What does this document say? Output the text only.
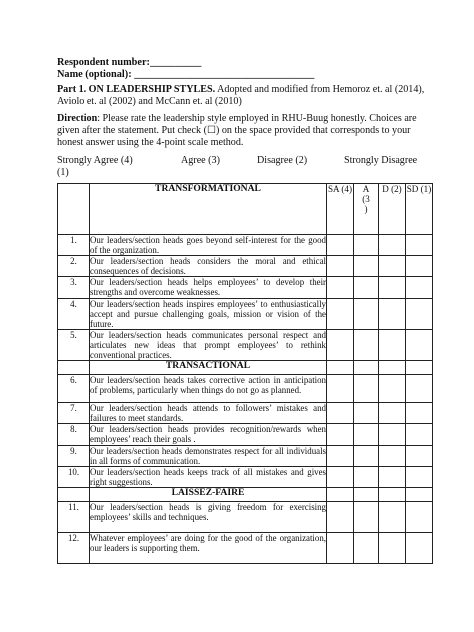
Respondent number:__________
Name (optional): ___________________________________
Part 1. ON LEADERSHIP STYLES. Adopted and modified from Hemoroz et. al (2014), Aviolo et. al (2002) and McCann et. al (2010)
Direction: Please rate the leadership style employed in RHU-Buug honestly. Choices are given after the statement. Put check (☐) on the space provided that corresponds to your honest answer using the 4-point scale method.
Strongly Agree (4)	Agree (3)	Disagree (2)	Strongly Disagree
(1)
	TRANSFORMATIONAL	SA (4)	A
(3
)	D (2)	SD (1)
1.	Our leaders/section heads goes beyond self-interest for the good of the organization.				
2.	Our leaders/section heads considers the moral and ethical consequences of decisions.				
3.	Our leaders/section heads helps employees’ to develop their strengths and overcome weaknesses.				
4.	Our leaders/section heads inspires employees’ to enthusiastically accept and pursue challenging goals, mission or vision of the future.				
5.	Our leaders/section heads communicates personal respect and articulates new ideas that prompt employees’ to rethink conventional practices.				
	TRANSACTIONAL				
6.	Our leaders/section heads takes corrective action in anticipation of problems, particularly when things do not go as planned.				
7.	Our leaders/section heads attends to followers’ mistakes and failures to meet standards.				
8.	Our leaders/section heads provides recognition/rewards when employees’ reach their goals .				
9.	Our leaders/section heads demonstrates respect for all individuals in all forms of communication.				
10.	Our leaders/section heads keeps track of all mistakes and gives right suggestions.				
	LAISSEZ-FAIRE				
11.	Our leaders/section heads is giving freedom for exercising employees’ skills and techniques.				
12.	Whatever employees’ are doing for the good of the organization, our leaders is supporting them.				
